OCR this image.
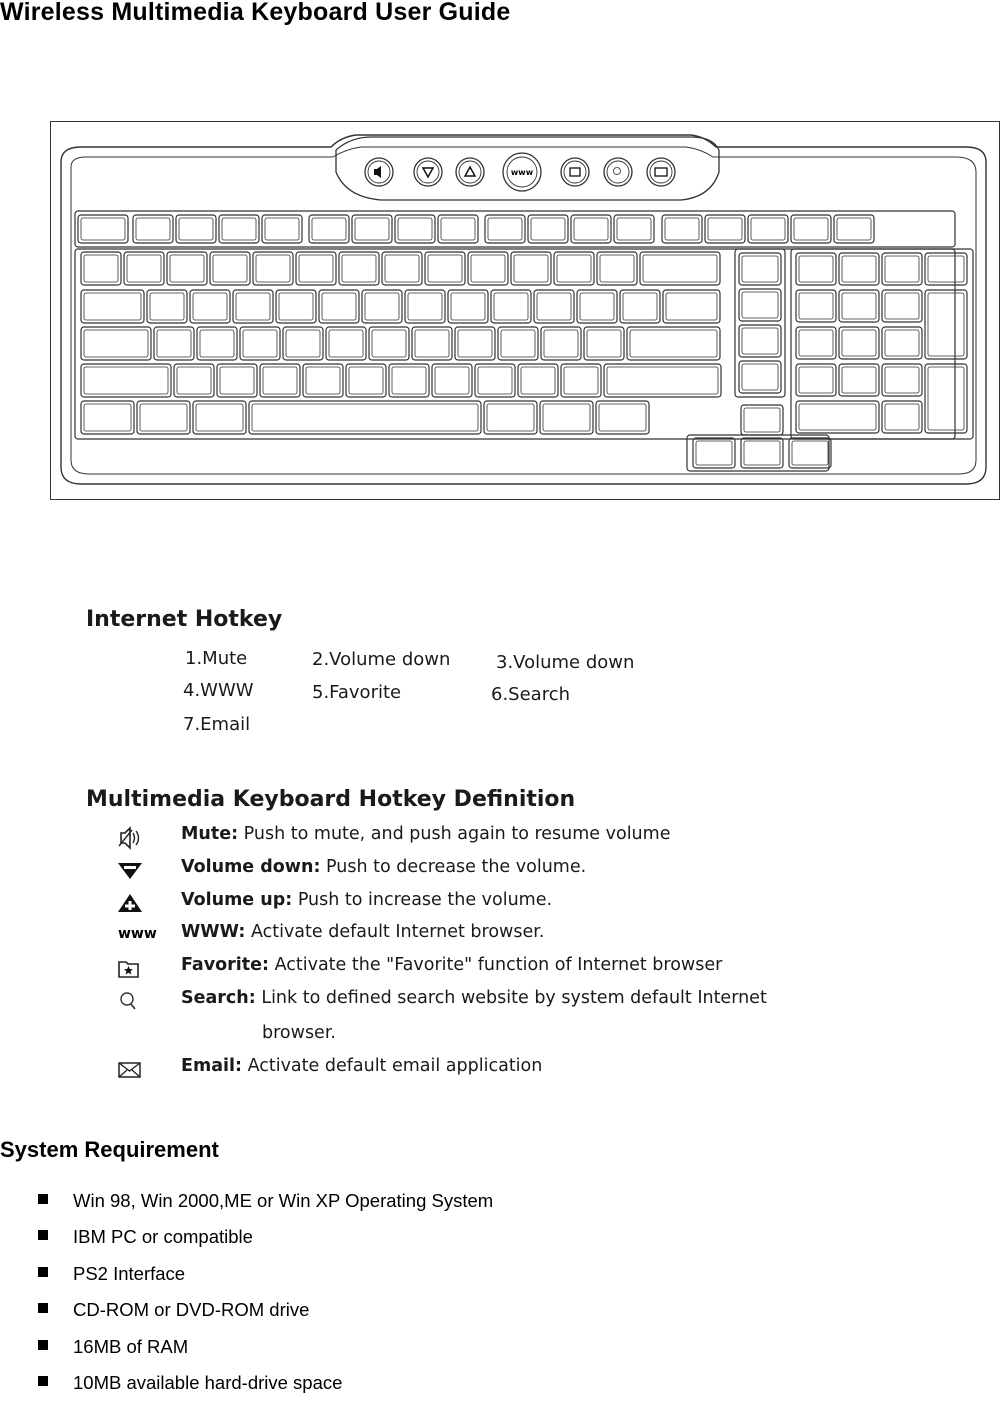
Wireless Multimedia Keyboard User Guide
www
Internet Hotkey
1.Mute	2.Volume down	3.Volume down
4.WWW	5.Favorite	6.Search
7.Email
Multimedia Keyboard Hotkey Definition
Mute: Push to mute, and push again to resume volume
Volume down: Push to decrease the volume.
Volume up: Push to increase the volume.
www WWW: Activate default Internet browser.
Favorite: Activate the "Favorite" function of Internet browser
Search: Link to defined search website by system default Internet
browser.
Email: Activate default email application
System Requirement
Win 98, Win 2000,ME or Win XP Operating System
IBM PC or compatible
PS2 Interface
CD-ROM or DVD-ROM drive
16MB of RAM
10MB available hard-drive space
